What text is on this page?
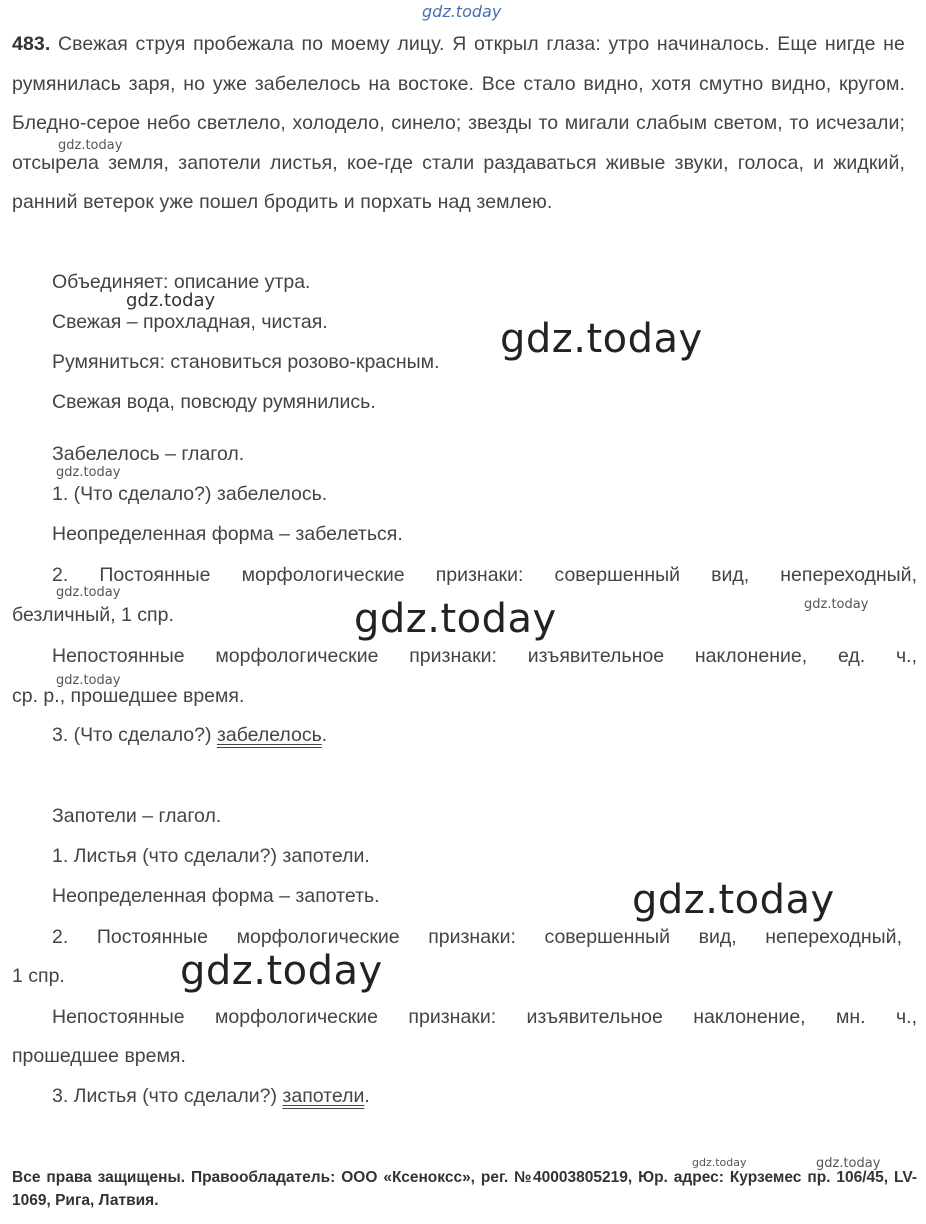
gdz.today
483. Свежая струя пробежала по моему лицу. Я открыл глаза: утро начиналось. Еще нигде не румянилась заря, но уже забелелось на востоке. Все стало видно, хотя смутно видно, кругом. Бледно-серое небо светлело, холодело, синело; звезды то мигали слабым светом, то исчезали; отсырела земля, запотели листья, кое-где стали раздаваться живые звуки, голоса, и жидкий, ранний ветерок уже пошел бродить и порхать над землею.
Объединяет: описание утра.
Свежая – прохладная, чистая.
Румяниться: становиться розово-красным.
Свежая вода, повсюду румянились.
Забелелось – глагол.
1. (Что сделало?) забелелось.
Неопределенная форма – забелеться.
2. Постоянные морфологические признаки: совершенный вид, непереходный,
безличный, 1 спр.
Непостоянные морфологические признаки: изъявительное наклонение, ед. ч.,
ср. р., прошедшее время.
3. (Что сделало?) забелелось.
Запотели – глагол.
1. Листья (что сделали?) запотели.
Неопределенная форма – запотеть.
2. Постоянные морфологические признаки: совершенный вид, непереходный,
1 спр.
Непостоянные морфологические признаки: изъявительное наклонение, мн. ч.,
прошедшее время.
3. Листья (что сделали?) запотели.
gdz.today
gdz.today
gdz.today
gdz.today
gdz.today
gdz.today
gdz.today
gdz.today
gdz.today
gdz.today
gdz.today	gdz.today
Все права защищены. Правообладатель: ООО «Ксеноксс», рег. №40003805219, Юр. адрес: Курземес пр. 106/45, LV-1069, Рига, Латвия.
